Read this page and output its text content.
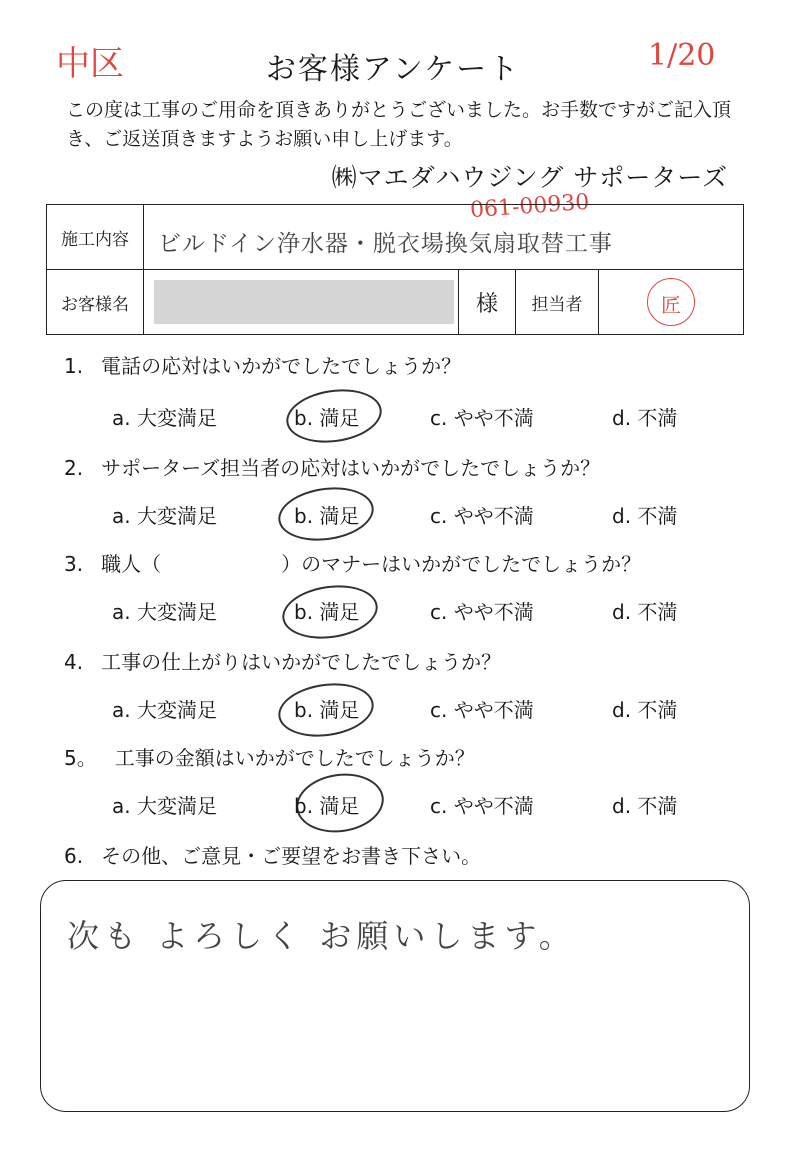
中区	1/20
お客様アンケート
この度は工事のご用命を頂きありがとうございました。お手数ですがご記入頂き、ご返送頂きますようお願い申し上げます。
㈱マエダハウジング サポーターズ
061-00930
施工内容	ビルドイン浄水器・脱衣場換気扇取替工事			

お客様名		様	担当者	匠
1. 電話の応対はいかがでしたでしょうか？
a. 大変満足	b. 満足	c. やや不満	d. 不満
2. サポーターズ担当者の応対はいかがでしたでしょうか？
a. 大変満足	b. 満足	c. やや不満	d. 不満
3. 職人（　　　　　　）のマナーはいかがでしたでしょうか？
a. 大変満足	b. 満足	c. やや不満	d. 不満
4. 工事の仕上がりはいかがでしたでしょうか？
a. 大変満足	b. 満足	c. やや不満	d. 不満
5。 工事の金額はいかがでしたでしょうか？
a. 大変満足	b. 満足	c. やや不満	d. 不満
6. その他、ご意見・ご要望をお書き下さい。
次も よろしく お願いします。
